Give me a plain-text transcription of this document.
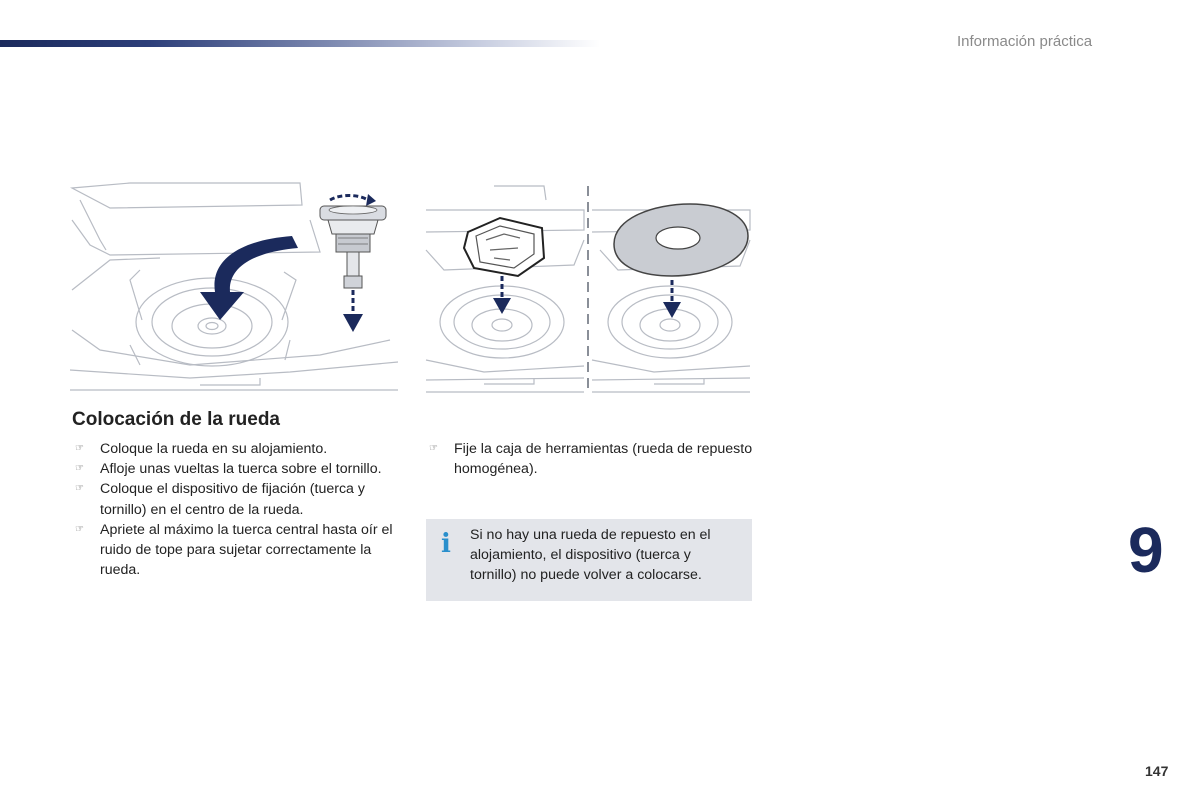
Información práctica
Colocación de la rueda
☞ Coloque la rueda en su alojamiento.
☞ Afloje unas vueltas la tuerca sobre el tornillo.
☞ Coloque el dispositivo de fijación (tuerca y tornillo) en el centro de la rueda.
☞ Apriete al máximo la tuerca central hasta oír el ruido de tope para sujetar correctamente la rueda.
☞ Fije la caja de herramientas (rueda de repuesto homogénea).
i	Si no hay una rueda de repuesto en el alojamiento, el dispositivo (tuerca y tornillo) no puede volver a colocarse.	9
147
